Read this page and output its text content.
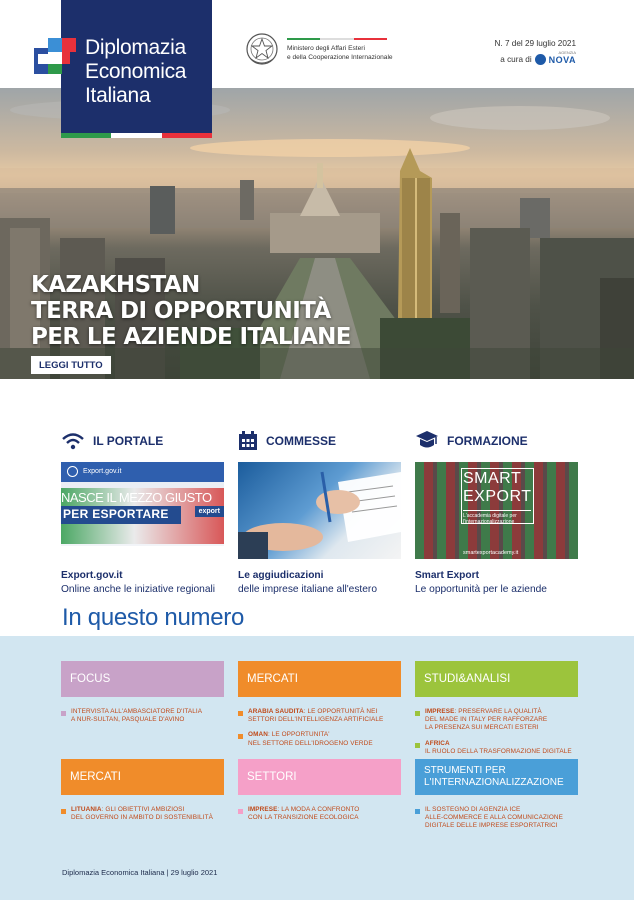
Diplomazia Economica Italiana
Ministero degli Affari Esteri
e della Cooperazione Internazionale
N. 7 del 29 luglio 2021
a cura di
AGENZIA
NOVA
KAZAKHSTAN
TERRA DI OPPORTUNITÀ
PER LE AZIENDE ITALIANE
LEGGI TUTTO
IL PORTALE
Export.gov.it
NASCE IL MEZZO GIUSTO
PER ESPORTARE	export
Export.gov.it
Online anche le iniziative regionali
COMMESSE
Le aggiudicazioni
delle imprese italiane all'estero
FORMAZIONE
SMART
EXPORT
L'accademia digitale per
l'internazionalizzazione
smartexportacademy.it
Smart Export
Le opportunità per le aziende
In questo numero
FOCUS
INTERVISTA ALL'AMBASCIATORE D'ITALIA
A NUR-SULTAN, PASQUALE D'AVINO
MERCATI
ARABIA SAUDITA: LE OPPORTUNITÀ NEI
SETTORI DELL'INTELLIGENZA ARTIFICIALE
OMAN: LE OPPORTUNITA'
NEL SETTORE DELL'IDROGENO VERDE
STUDI&ANALISI
IMPRESE: PRESERVARE LA QUALITÀ
DEL MADE IN ITALY PER RAFFORZARE
LA PRESENZA SUI MERCATI ESTERI
AFRICA
IL RUOLO DELLA TRASFORMAZIONE DIGITALE
MERCATI
LITUANIA: GLI OBIETTIVI AMBIZIOSI
DEL GOVERNO IN AMBITO DI SOSTENIBILITÀ
SETTORI
IMPRESE: LA MODA A CONFRONTO
CON LA TRANSIZIONE ECOLOGICA
STRUMENTI PER L'INTERNAZIONALIZZAZIONE
IL SOSTEGNO DI AGENZIA ICE
ALLE-COMMERCE E ALLA COMUNICAZIONE
DIGITALE DELLE IMPRESE ESPORTATRICI
Diplomazia Economica Italiana | 29 luglio 2021
